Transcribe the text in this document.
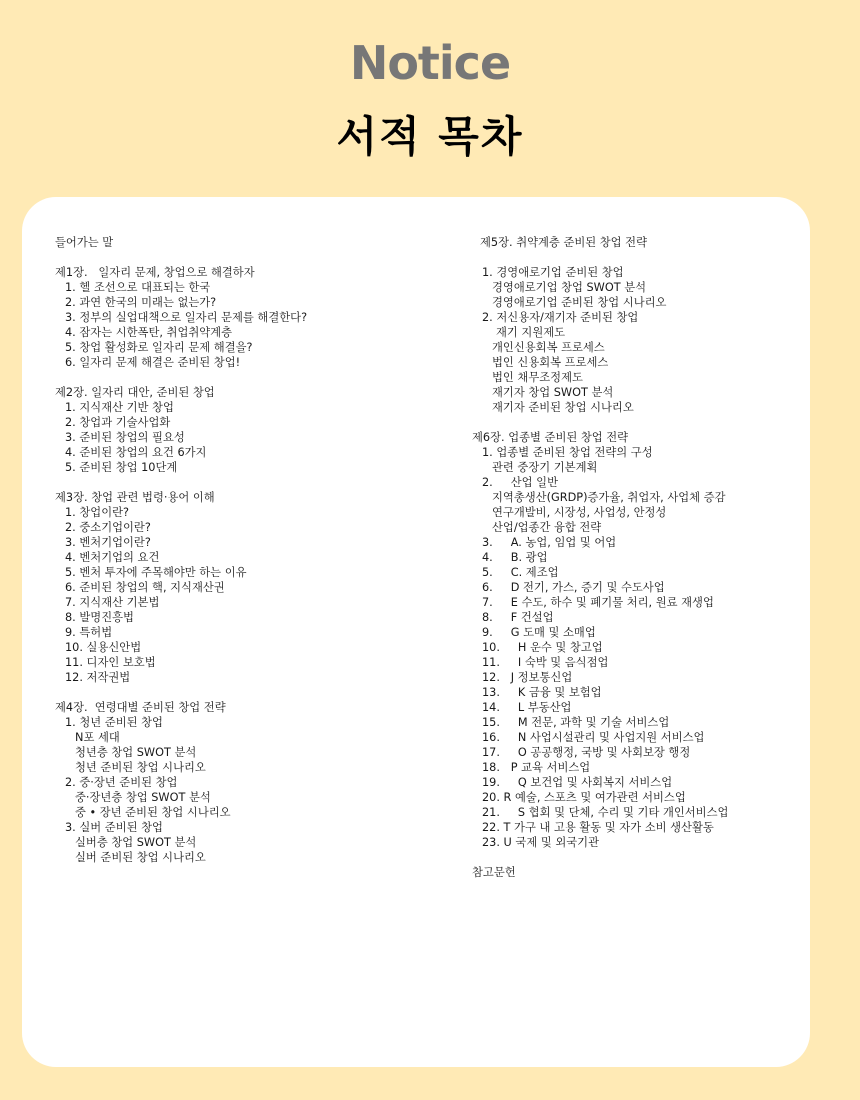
Notice
서적 목차
들어가는 말
제1장.   일자리 문제, 창업으로 해결하자
1. 헬 조선으로 대표되는 한국
2. 과연 한국의 미래는 없는가?
3. 정부의 실업대책으로 일자리 문제를 해결한다?
4. 잠자는 시한폭탄, 취업취약계층
5. 창업 활성화로 일자리 문제 해결을?
6. 일자리 문제 해결은 준비된 창업!
제2장. 일자리 대안, 준비된 창업
1. 지식재산 기반 창업
2. 창업과 기술사업화
3. 준비된 창업의 필요성
4. 준비된 창업의 요건 6가지
5. 준비된 창업 10단계
제3장. 창업 관련 법령·용어 이해
1. 창업이란?
2. 중소기업이란?
3. 벤처기업이란?
4. 벤처기업의 요건
5. 벤처 투자에 주목해야만 하는 이유
6. 준비된 창업의 핵, 지식재산권
7. 지식재산 기본법
8. 발명진흥법
9. 특허법
10. 실용신안법
11. 디자인 보호법
12. 저작권법
제4장.  연령대별 준비된 창업 전략
1. 청년 준비된 창업
N포 세대
청년층 창업 SWOT 분석
청년 준비된 창업 시나리오
2. 중·장년 준비된 창업
중·장년층 창업 SWOT 분석
중 • 장년 준비된 창업 시나리오
3. 실버 준비된 창업
실버층 창업 SWOT 분석
실버 준비된 창업 시나리오
제5장. 취약계층 준비된 창업 전략
1. 경영애로기업 준비된 창업
경영애로기업 창업 SWOT 분석
경영애로기업 준비된 창업 시나리오
2. 저신용자/재기자 준비된 창업
재기 지원제도
개인신용회복 프로세스
법인 신용회복 프로세스
법인 채무조정제도
재기자 창업 SWOT 분석
재기자 준비된 창업 시나리오
제6장. 업종별 준비된 창업 전략
1. 업종별 준비된 창업 전략의 구성
관련 중장기 기본계획
2.     산업 일반
지역총생산(GRDP)증가율, 취업자, 사업체 증감
연구개발비, 시장성, 사업성, 안정성
산업/업종간 융합 전략
3.     A. 농업, 임업 및 어업
4.     B. 광업
5.     C. 제조업
6.     D 전기, 가스, 증기 및 수도사업
7.     E 수도, 하수 및 폐기물 처리, 원료 재생업
8.     F 건설업
9.     G 도매 및 소매업
10.     H 운수 및 창고업
11.     I 숙박 및 음식점업
12.   J 정보통신업
13.     K 금융 및 보험업
14.     L 부동산업
15.     M 전문, 과학 및 기술 서비스업
16.     N 사업시설관리 및 사업지원 서비스업
17.     O 공공행정, 국방 및 사회보장 행정
18.   P 교육 서비스업
19.     Q 보건업 및 사회복지 서비스업
20. R 예술, 스포츠 및 여가관련 서비스업
21.     S 협회 및 단체, 수리 및 기타 개인서비스업
22. T 가구 내 고용 활동 및 자가 소비 생산활동
23. U 국제 및 외국기관
참고문헌
